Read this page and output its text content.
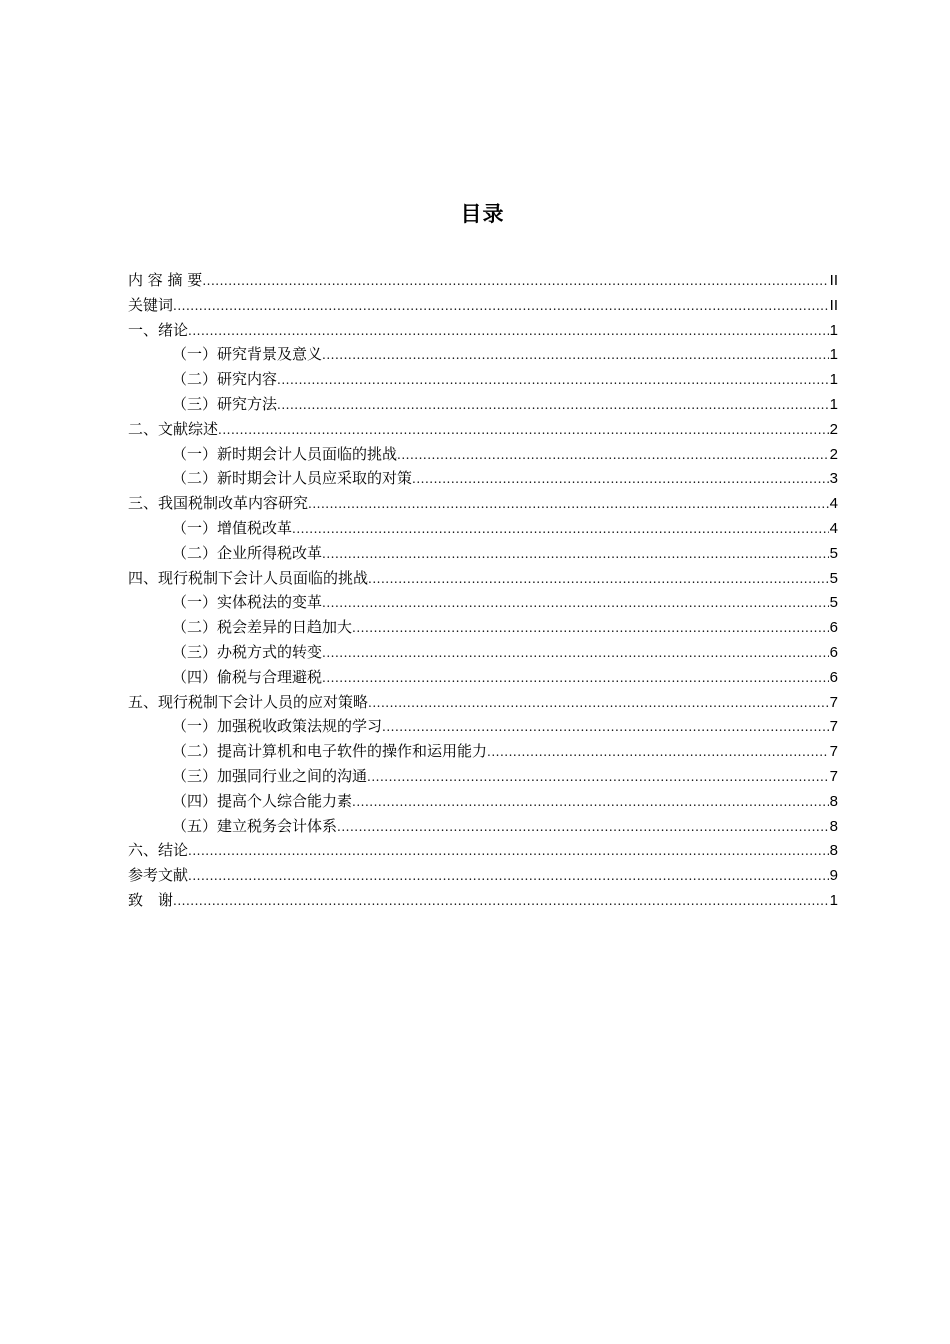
目录
内 容 摘 要 .....	II
关键词 .....	II
一、绪论 .....	1
（一）研究背景及意义 .....	1
（二）研究内容 .....	1
（三）研究方法 .....	1
二、文献综述 .....	2
（一）新时期会计人员面临的挑战 .....	2
（二）新时期会计人员应采取的对策 .....	3
三、我国税制改革内容研究 .....	4
（一）增值税改革 .....	4
（二）企业所得税改革 .....	5
四、现行税制下会计人员面临的挑战 .....	5
（一）实体税法的变革 .....	5
（二）税会差异的日趋加大 .....	6
（三）办税方式的转变 .....	6
（四）偷税与合理避税 .....	6
五、现行税制下会计人员的应对策略 .....	7
（一）加强税收政策法规的学习 .....	7
（二）提高计算机和电子软件的操作和运用能力 .....	7
（三）加强同行业之间的沟通 .....	7
（四）提高个人综合能力素 .....	8
（五）建立税务会计体系 .....	8
六、结论 .....	8
参考文献 .....	9
致　谢 .....	1
